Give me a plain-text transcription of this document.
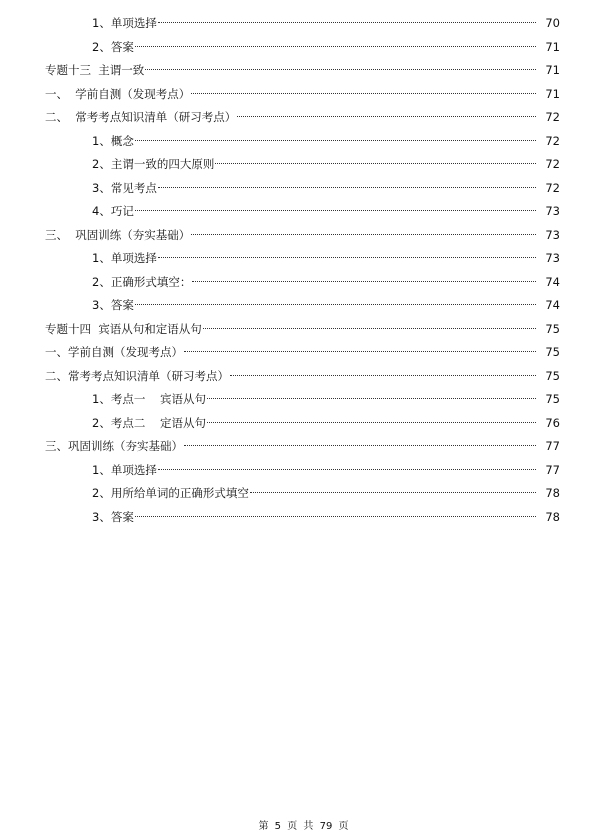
1、单项选择	70
2、答案	71
专题十三  主谓一致	71
一、  学前自测（发现考点）	71
二、  常考考点知识清单（研习考点）	72
1、概念	72
2、主谓一致的四大原则	72
3、常见考点	72
4、巧记	73
三、  巩固训练（夯实基础）	73
1、单项选择	73
2、正确形式填空：	74
3、答案	74
专题十四  宾语从句和定语从句	75
一、学前自测（发现考点）	75
二、常考考点知识清单（研习考点）	75
1、考点一    宾语从句	75
2、考点二    定语从句	76
三、巩固训练（夯实基础）	77
1、单项选择	77
2、用所给单词的正确形式填空	78
3、答案	78
第 5 页 共 79 页
